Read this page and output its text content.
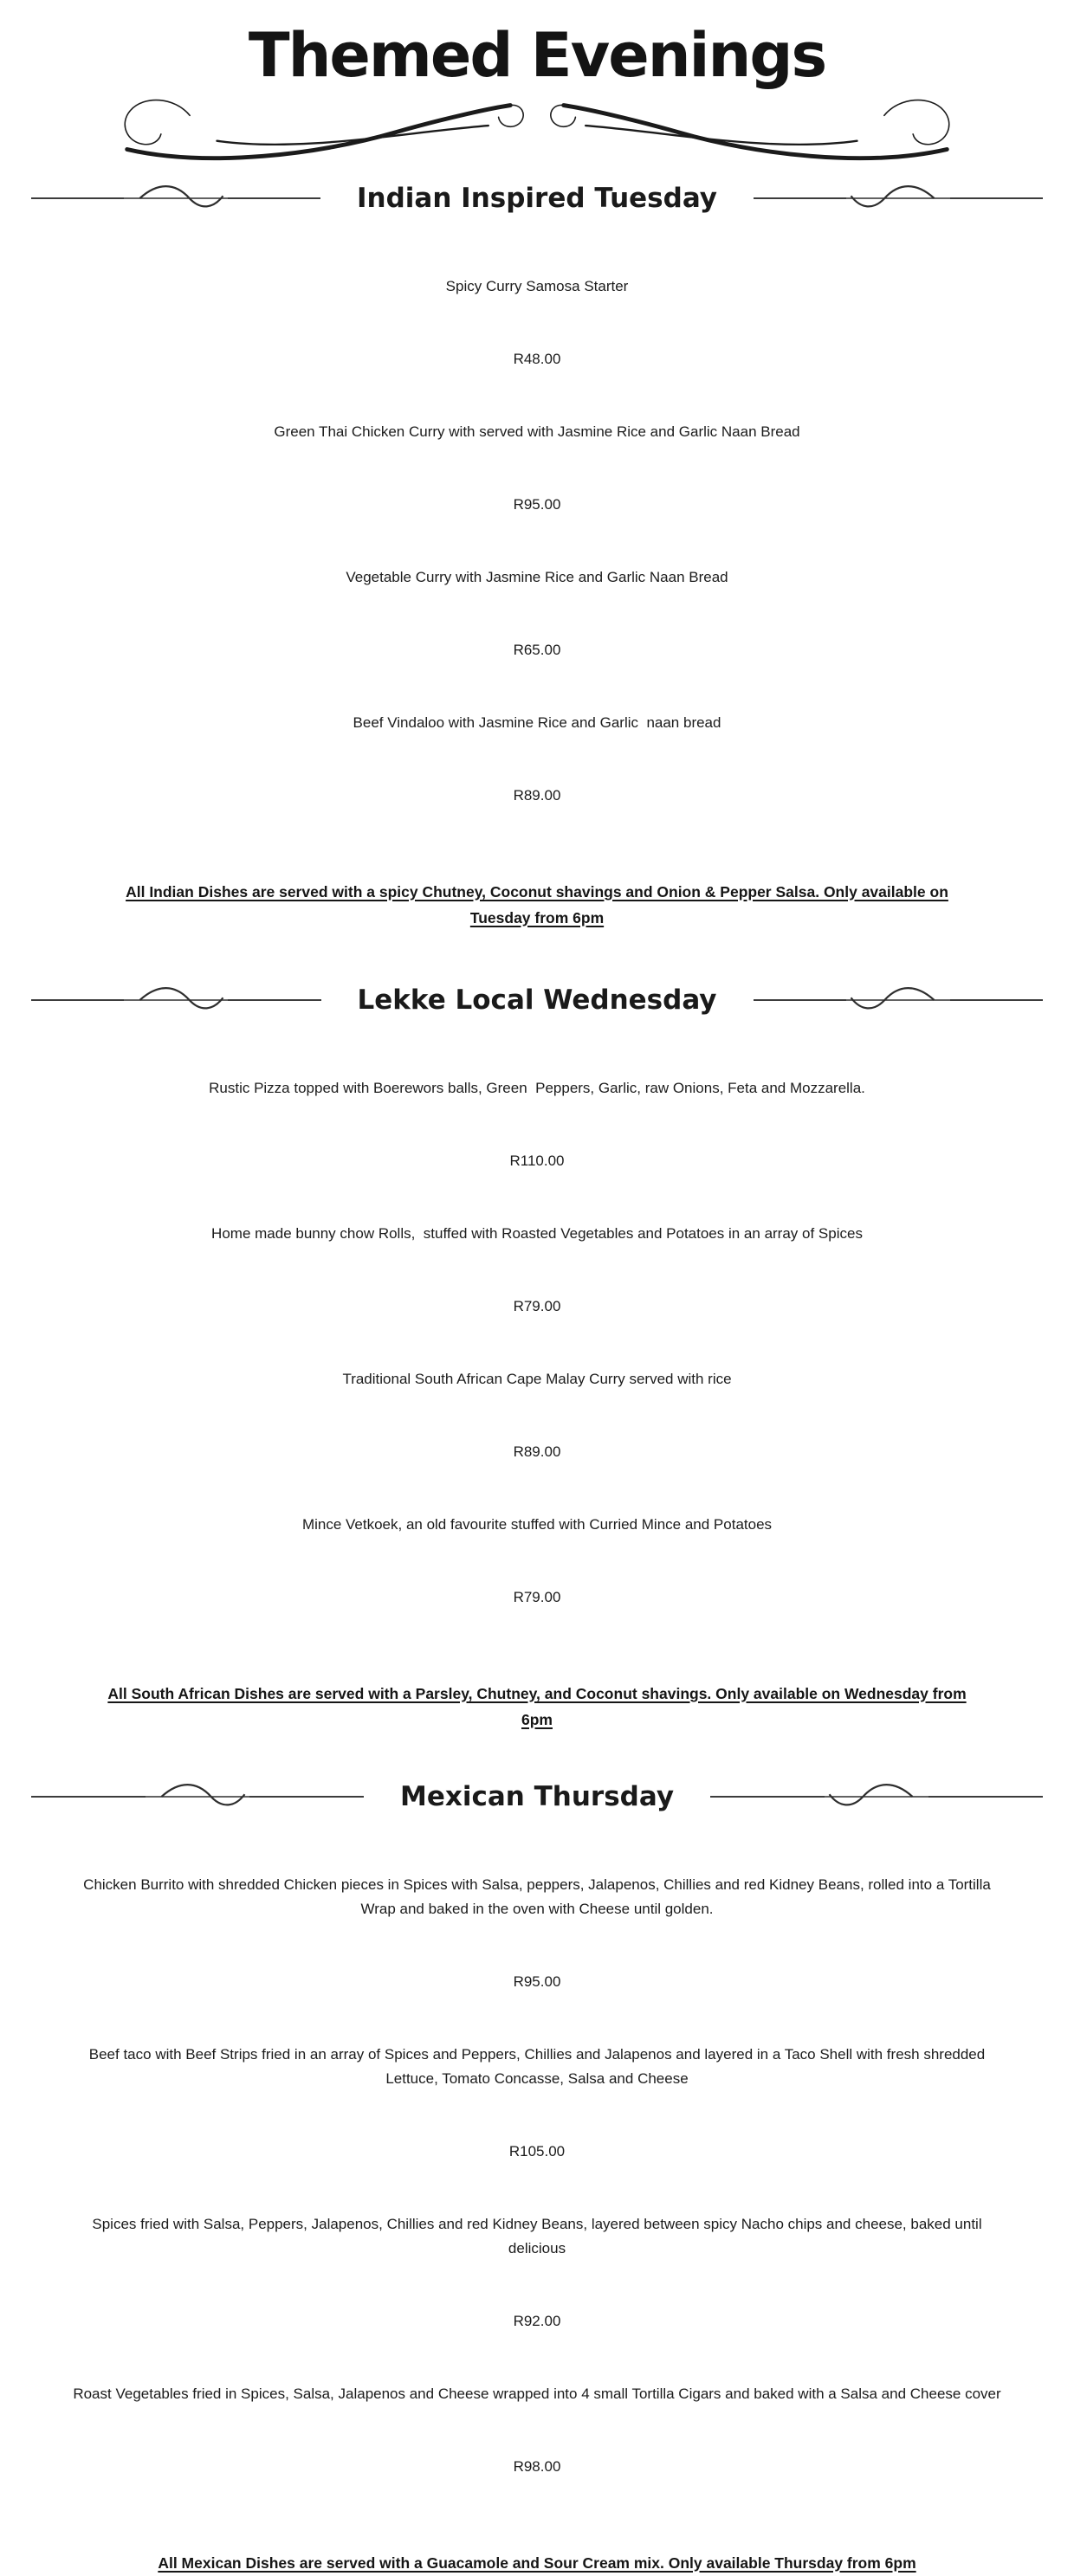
Themed Evenings
Indian Inspired Tuesday

Spicy Curry Samosa Starter

R48.00

Green Thai Chicken Curry with served with Jasmine Rice and Garlic Naan Bread

R95.00

Vegetable Curry with Jasmine Rice and Garlic Naan Bread

R65.00

Beef Vindaloo with Jasmine Rice and Garlic  naan bread

R89.00

All Indian Dishes are served with a spicy Chutney, Coconut shavings and Onion & Pepper Salsa. Only available on Tuesday from 6pm

Lekke Local Wednesday

Rustic Pizza topped with Boerewors balls, Green  Peppers, Garlic, raw Onions, Feta and Mozzarella.

R110.00

Home made bunny chow Rolls,  stuffed with Roasted Vegetables and Potatoes in an array of Spices

R79.00

Traditional South African Cape Malay Curry served with rice

R89.00

Mince Vetkoek, an old favourite stuffed with Curried Mince and Potatoes

R79.00

All South African Dishes are served with a Parsley, Chutney, and Coconut shavings. Only available on Wednesday from 6pm

Mexican Thursday

Chicken Burrito with shredded Chicken pieces in Spices with Salsa, peppers, Jalapenos, Chillies and red Kidney Beans, rolled into a Tortilla Wrap and baked in the oven with Cheese until golden.

R95.00

Beef taco with Beef Strips fried in an array of Spices and Peppers, Chillies and Jalapenos and layered in a Taco Shell with fresh shredded Lettuce, Tomato Concasse, Salsa and Cheese

R105.00

Spices fried with Salsa, Peppers, Jalapenos, Chillies and red Kidney Beans, layered between spicy Nacho chips and cheese, baked until delicious

R92.00

Roast Vegetables fried in Spices, Salsa, Jalapenos and Cheese wrapped into 4 small Tortilla Cigars and baked with a Salsa and Cheese cover

R98.00

All Mexican Dishes are served with a Guacamole and Sour Cream mix. Only available Thursday from 6pm
